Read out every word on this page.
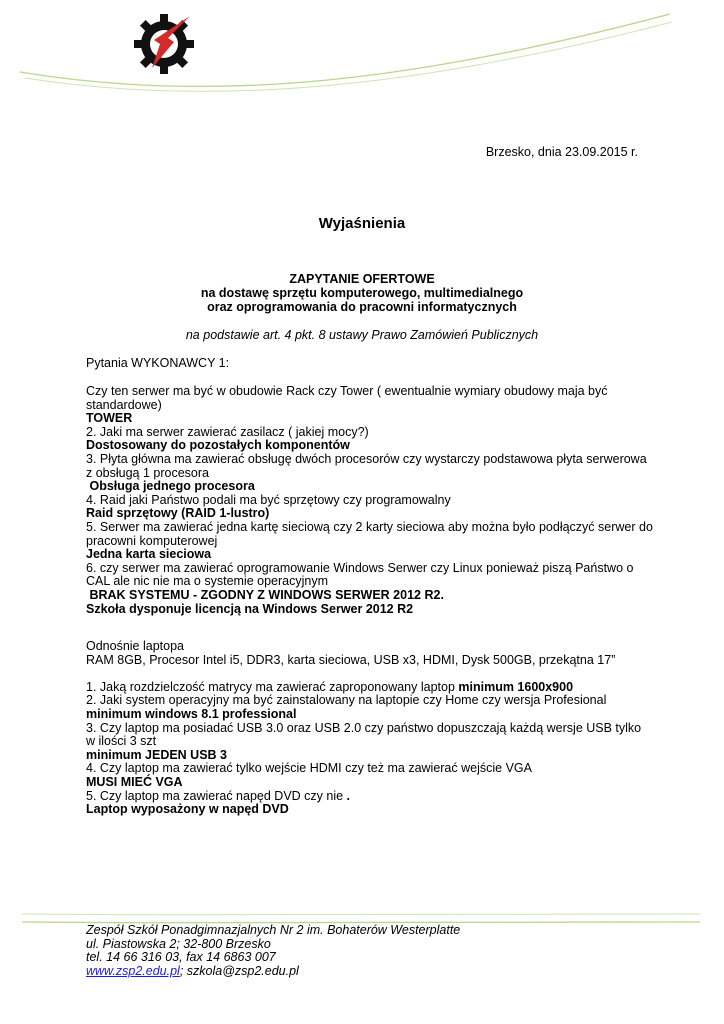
Brzesko, dnia 23.09.2015 r.
Wyjaśnienia
ZAPYTANIE OFERTOWE
na dostawę sprzętu komputerowego, multimedialnego
oraz oprogramowania do pracowni informatycznych
na podstawie art. 4 pkt. 8 ustawy Prawo Zamówień Publicznych
Pytania WYKONAWCY 1:
Czy ten serwer ma być w obudowie Rack czy Tower ( ewentualnie wymiary obudowy maja być
standardowe)
TOWER
2. Jaki ma serwer zawierać zasilacz ( jakiej mocy?)
Dostosowany do pozostałych komponentów
3. Płyta główna ma zawierać obsługę dwóch procesorów czy wystarczy podstawowa płyta serwerowa
z obsługą 1 procesora
Obsługa jednego procesora
4. Raid jaki Państwo podali ma być sprzętowy czy programowalny
Raid sprzętowy (RAID 1-lustro)
5. Serwer ma zawierać jedna kartę sieciową czy 2 karty sieciowa aby można było podłączyć serwer do
pracowni komputerowej
Jedna karta sieciowa
6. czy serwer ma zawierać oprogramowanie Windows Serwer czy Linux ponieważ piszą Państwo o
CAL ale nic nie ma o systemie operacyjnym
BRAK SYSTEMU - ZGODNY Z WINDOWS SERWER 2012 R2.
Szkoła dysponuje licencją na Windows Serwer 2012 R2
Odnośnie laptopa
RAM 8GB, Procesor Intel i5, DDR3, karta sieciowa, USB x3, HDMI, Dysk 500GB, przekątna 17”
1. Jaką rozdzielczość matrycy ma zawierać zaproponowany laptop minimum 1600x900
2. Jaki system operacyjny ma być zainstalowany na laptopie czy Home czy wersja Profesional
minimum windows 8.1 professional
3. Czy laptop ma posiadać USB 3.0 oraz USB 2.0 czy państwo dopuszczają każdą wersje USB tylko
w ilości 3 szt
minimum JEDEN USB 3
4. Czy laptop ma zawierać tylko wejście HDMI czy też ma zawierać wejście VGA
MUSI MIEĆ VGA
5. Czy laptop ma zawierać napęd DVD czy nie .
Laptop wyposażony w napęd DVD
Zespół Szkół Ponadgimnazjalnych Nr 2 im. Bohaterów Westerplatte
ul. Piastowska 2; 32-800 Brzesko
tel. 14 66 316 03, fax 14 6863 007
www.zsp2.edu.pl; szkola@zsp2.edu.pl
